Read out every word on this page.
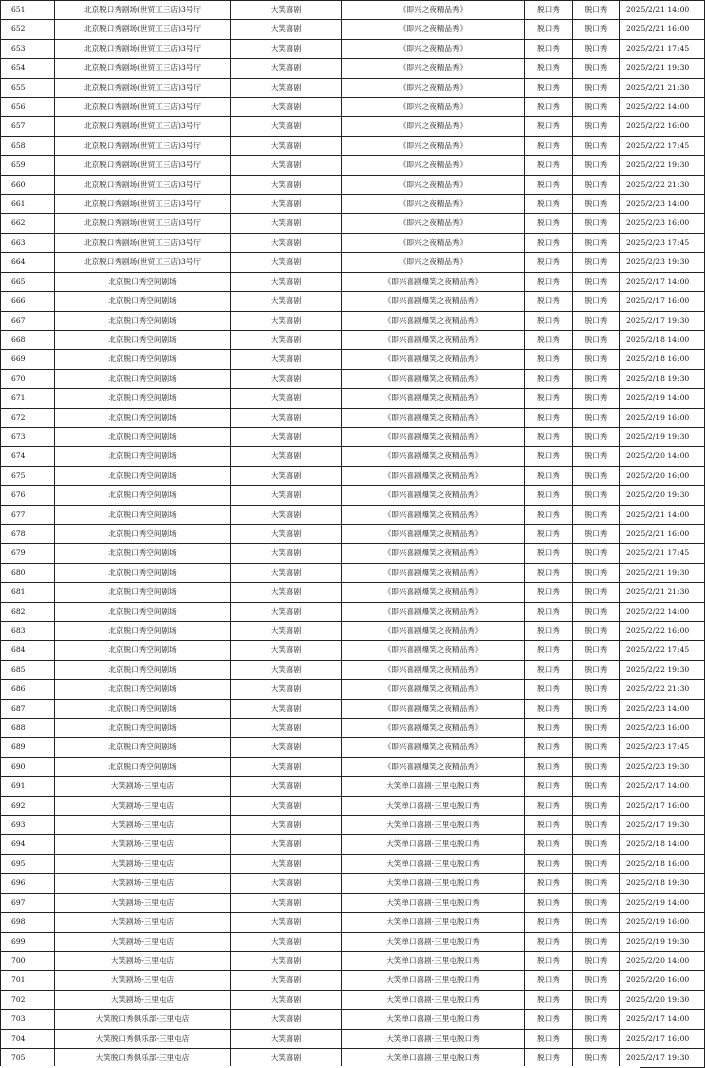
651	北京脱口秀剧场(世贸工三店)3号厅	大笑喜剧	《即兴之夜精品秀》	脱口秀	脱口秀	2025/2/21 14:00
652	北京脱口秀剧场(世贸工三店)3号厅	大笑喜剧	《即兴之夜精品秀》	脱口秀	脱口秀	2025/2/21 16:00
653	北京脱口秀剧场(世贸工三店)3号厅	大笑喜剧	《即兴之夜精品秀》	脱口秀	脱口秀	2025/2/21 17:45
654	北京脱口秀剧场(世贸工三店)3号厅	大笑喜剧	《即兴之夜精品秀》	脱口秀	脱口秀	2025/2/21 19:30
655	北京脱口秀剧场(世贸工三店)3号厅	大笑喜剧	《即兴之夜精品秀》	脱口秀	脱口秀	2025/2/21 21:30
656	北京脱口秀剧场(世贸工三店)3号厅	大笑喜剧	《即兴之夜精品秀》	脱口秀	脱口秀	2025/2/22 14:00
657	北京脱口秀剧场(世贸工三店)3号厅	大笑喜剧	《即兴之夜精品秀》	脱口秀	脱口秀	2025/2/22 16:00
658	北京脱口秀剧场(世贸工三店)3号厅	大笑喜剧	《即兴之夜精品秀》	脱口秀	脱口秀	2025/2/22 17:45
659	北京脱口秀剧场(世贸工三店)3号厅	大笑喜剧	《即兴之夜精品秀》	脱口秀	脱口秀	2025/2/22 19:30
660	北京脱口秀剧场(世贸工三店)3号厅	大笑喜剧	《即兴之夜精品秀》	脱口秀	脱口秀	2025/2/22 21:30
661	北京脱口秀剧场(世贸工三店)3号厅	大笑喜剧	《即兴之夜精品秀》	脱口秀	脱口秀	2025/2/23 14:00
662	北京脱口秀剧场(世贸工三店)3号厅	大笑喜剧	《即兴之夜精品秀》	脱口秀	脱口秀	2025/2/23 16:00
663	北京脱口秀剧场(世贸工三店)3号厅	大笑喜剧	《即兴之夜精品秀》	脱口秀	脱口秀	2025/2/23 17:45
664	北京脱口秀剧场(世贸工三店)3号厅	大笑喜剧	《即兴之夜精品秀》	脱口秀	脱口秀	2025/2/23 19:30
665	北京脱口秀空间剧场	大笑喜剧	《即兴喜剧爆笑之夜精品秀》	脱口秀	脱口秀	2025/2/17 14:00
666	北京脱口秀空间剧场	大笑喜剧	《即兴喜剧爆笑之夜精品秀》	脱口秀	脱口秀	2025/2/17 16:00
667	北京脱口秀空间剧场	大笑喜剧	《即兴喜剧爆笑之夜精品秀》	脱口秀	脱口秀	2025/2/17 19:30
668	北京脱口秀空间剧场	大笑喜剧	《即兴喜剧爆笑之夜精品秀》	脱口秀	脱口秀	2025/2/18 14:00
669	北京脱口秀空间剧场	大笑喜剧	《即兴喜剧爆笑之夜精品秀》	脱口秀	脱口秀	2025/2/18 16:00
670	北京脱口秀空间剧场	大笑喜剧	《即兴喜剧爆笑之夜精品秀》	脱口秀	脱口秀	2025/2/18 19:30
671	北京脱口秀空间剧场	大笑喜剧	《即兴喜剧爆笑之夜精品秀》	脱口秀	脱口秀	2025/2/19 14:00
672	北京脱口秀空间剧场	大笑喜剧	《即兴喜剧爆笑之夜精品秀》	脱口秀	脱口秀	2025/2/19 16:00
673	北京脱口秀空间剧场	大笑喜剧	《即兴喜剧爆笑之夜精品秀》	脱口秀	脱口秀	2025/2/19 19:30
674	北京脱口秀空间剧场	大笑喜剧	《即兴喜剧爆笑之夜精品秀》	脱口秀	脱口秀	2025/2/20 14:00
675	北京脱口秀空间剧场	大笑喜剧	《即兴喜剧爆笑之夜精品秀》	脱口秀	脱口秀	2025/2/20 16:00
676	北京脱口秀空间剧场	大笑喜剧	《即兴喜剧爆笑之夜精品秀》	脱口秀	脱口秀	2025/2/20 19:30
677	北京脱口秀空间剧场	大笑喜剧	《即兴喜剧爆笑之夜精品秀》	脱口秀	脱口秀	2025/2/21 14:00
678	北京脱口秀空间剧场	大笑喜剧	《即兴喜剧爆笑之夜精品秀》	脱口秀	脱口秀	2025/2/21 16:00
679	北京脱口秀空间剧场	大笑喜剧	《即兴喜剧爆笑之夜精品秀》	脱口秀	脱口秀	2025/2/21 17:45
680	北京脱口秀空间剧场	大笑喜剧	《即兴喜剧爆笑之夜精品秀》	脱口秀	脱口秀	2025/2/21 19:30
681	北京脱口秀空间剧场	大笑喜剧	《即兴喜剧爆笑之夜精品秀》	脱口秀	脱口秀	2025/2/21 21:30
682	北京脱口秀空间剧场	大笑喜剧	《即兴喜剧爆笑之夜精品秀》	脱口秀	脱口秀	2025/2/22 14:00
683	北京脱口秀空间剧场	大笑喜剧	《即兴喜剧爆笑之夜精品秀》	脱口秀	脱口秀	2025/2/22 16:00
684	北京脱口秀空间剧场	大笑喜剧	《即兴喜剧爆笑之夜精品秀》	脱口秀	脱口秀	2025/2/22 17:45
685	北京脱口秀空间剧场	大笑喜剧	《即兴喜剧爆笑之夜精品秀》	脱口秀	脱口秀	2025/2/22 19:30
686	北京脱口秀空间剧场	大笑喜剧	《即兴喜剧爆笑之夜精品秀》	脱口秀	脱口秀	2025/2/22 21:30
687	北京脱口秀空间剧场	大笑喜剧	《即兴喜剧爆笑之夜精品秀》	脱口秀	脱口秀	2025/2/23 14:00
688	北京脱口秀空间剧场	大笑喜剧	《即兴喜剧爆笑之夜精品秀》	脱口秀	脱口秀	2025/2/23 16:00
689	北京脱口秀空间剧场	大笑喜剧	《即兴喜剧爆笑之夜精品秀》	脱口秀	脱口秀	2025/2/23 17:45
690	北京脱口秀空间剧场	大笑喜剧	《即兴喜剧爆笑之夜精品秀》	脱口秀	脱口秀	2025/2/23 19:30
691	大笑剧场-三里屯店	大笑喜剧	大笑单口喜剧·三里屯脱口秀	脱口秀	脱口秀	2025/2/17 14:00
692	大笑剧场-三里屯店	大笑喜剧	大笑单口喜剧·三里屯脱口秀	脱口秀	脱口秀	2025/2/17 16:00
693	大笑剧场-三里屯店	大笑喜剧	大笑单口喜剧·三里屯脱口秀	脱口秀	脱口秀	2025/2/17 19:30
694	大笑剧场-三里屯店	大笑喜剧	大笑单口喜剧·三里屯脱口秀	脱口秀	脱口秀	2025/2/18 14:00
695	大笑剧场-三里屯店	大笑喜剧	大笑单口喜剧·三里屯脱口秀	脱口秀	脱口秀	2025/2/18 16:00
696	大笑剧场-三里屯店	大笑喜剧	大笑单口喜剧·三里屯脱口秀	脱口秀	脱口秀	2025/2/18 19:30
697	大笑剧场-三里屯店	大笑喜剧	大笑单口喜剧·三里屯脱口秀	脱口秀	脱口秀	2025/2/19 14:00
698	大笑剧场-三里屯店	大笑喜剧	大笑单口喜剧·三里屯脱口秀	脱口秀	脱口秀	2025/2/19 16:00
699	大笑剧场-三里屯店	大笑喜剧	大笑单口喜剧·三里屯脱口秀	脱口秀	脱口秀	2025/2/19 19:30
700	大笑剧场-三里屯店	大笑喜剧	大笑单口喜剧·三里屯脱口秀	脱口秀	脱口秀	2025/2/20 14:00
701	大笑剧场-三里屯店	大笑喜剧	大笑单口喜剧·三里屯脱口秀	脱口秀	脱口秀	2025/2/20 16:00
702	大笑剧场-三里屯店	大笑喜剧	大笑单口喜剧·三里屯脱口秀	脱口秀	脱口秀	2025/2/20 19:30
703	大笑脱口秀俱乐部-三里屯店	大笑喜剧	大笑单口喜剧·三里屯脱口秀	脱口秀	脱口秀	2025/2/17 14:00
704	大笑脱口秀俱乐部-三里屯店	大笑喜剧	大笑单口喜剧·三里屯脱口秀	脱口秀	脱口秀	2025/2/17 16:00
705	大笑脱口秀俱乐部-三里屯店	大笑喜剧	大笑单口喜剧·三里屯脱口秀	脱口秀	脱口秀	2025/2/17 19:30
